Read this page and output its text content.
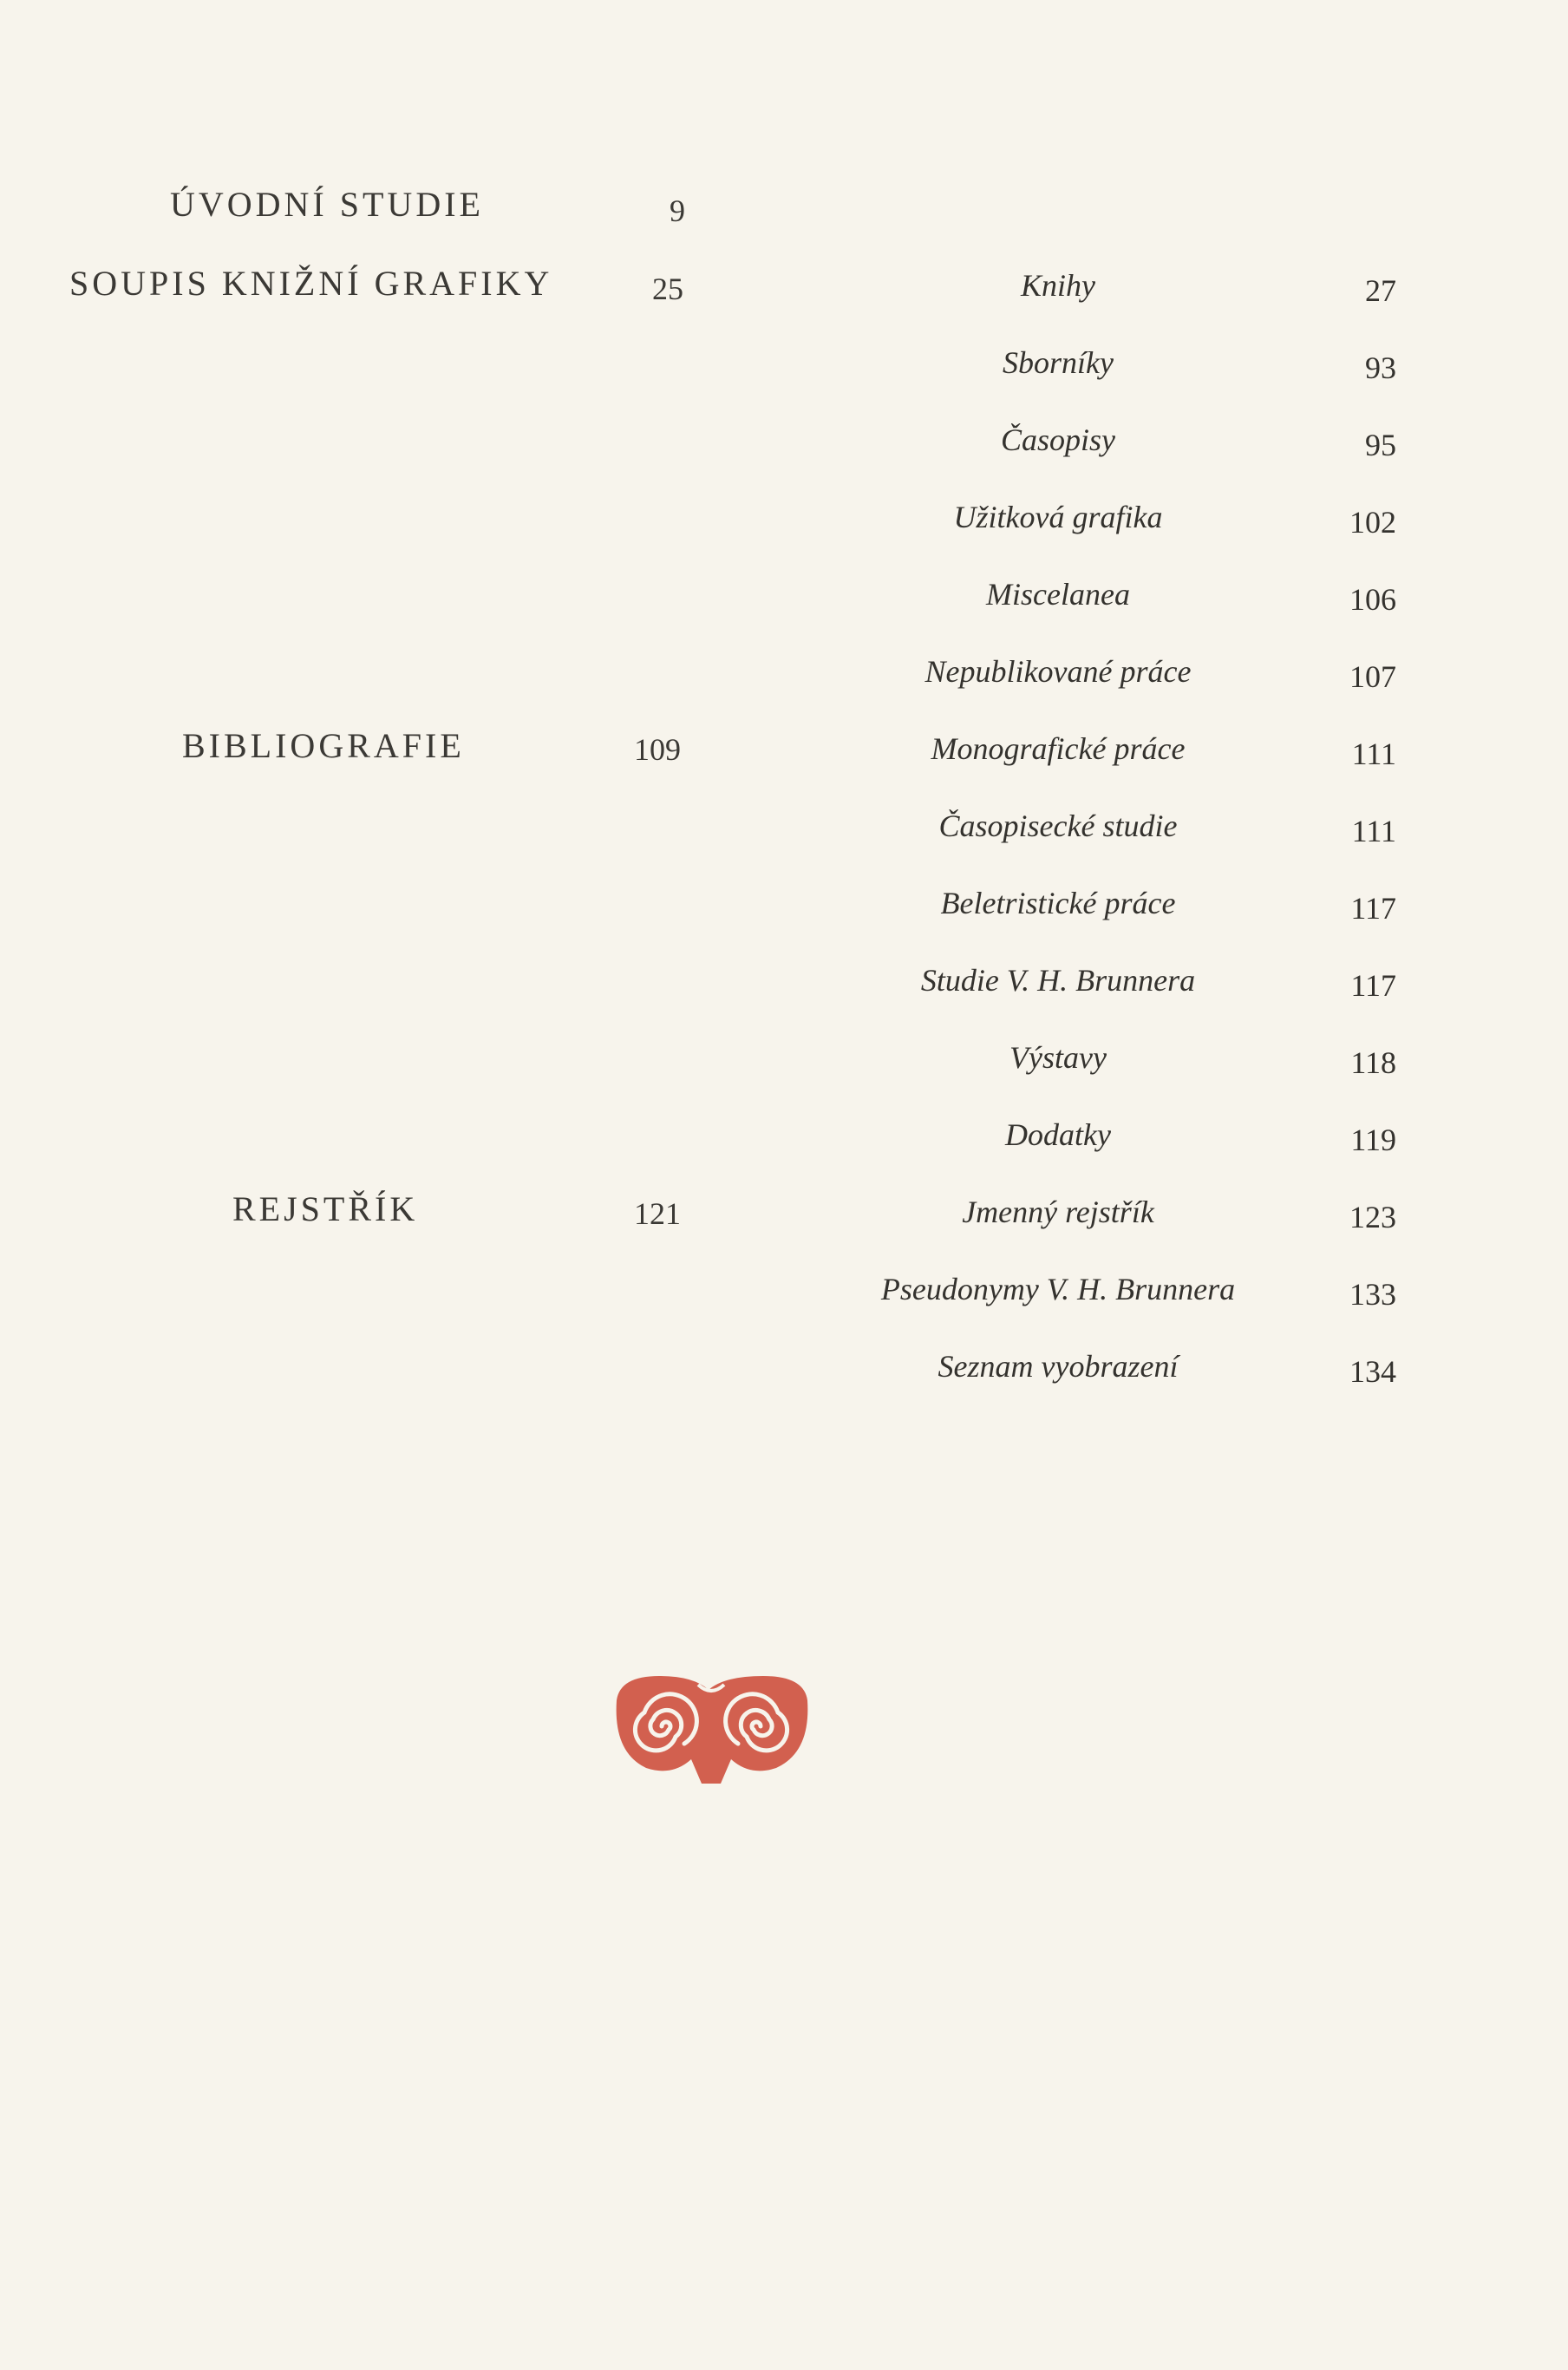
ÚVODNÍ STUDIE	9
SOUPIS KNIŽNÍ GRAFIKY	25
BIBLIOGRAFIE	109
REJSTŘÍK	121
Knihy	27
Sborníky	93
Časopisy	95
Užitková grafika	102
Miscelanea	106
Nepublikované práce	107
Monografické práce	111
Časopisecké studie	111
Beletristické práce	117
Studie V. H. Brunnera	117
Výstavy	118
Dodatky	119
Jmenný rejstřík	123
Pseudonymy V. H. Brunnera	133
Seznam vyobrazení	134
